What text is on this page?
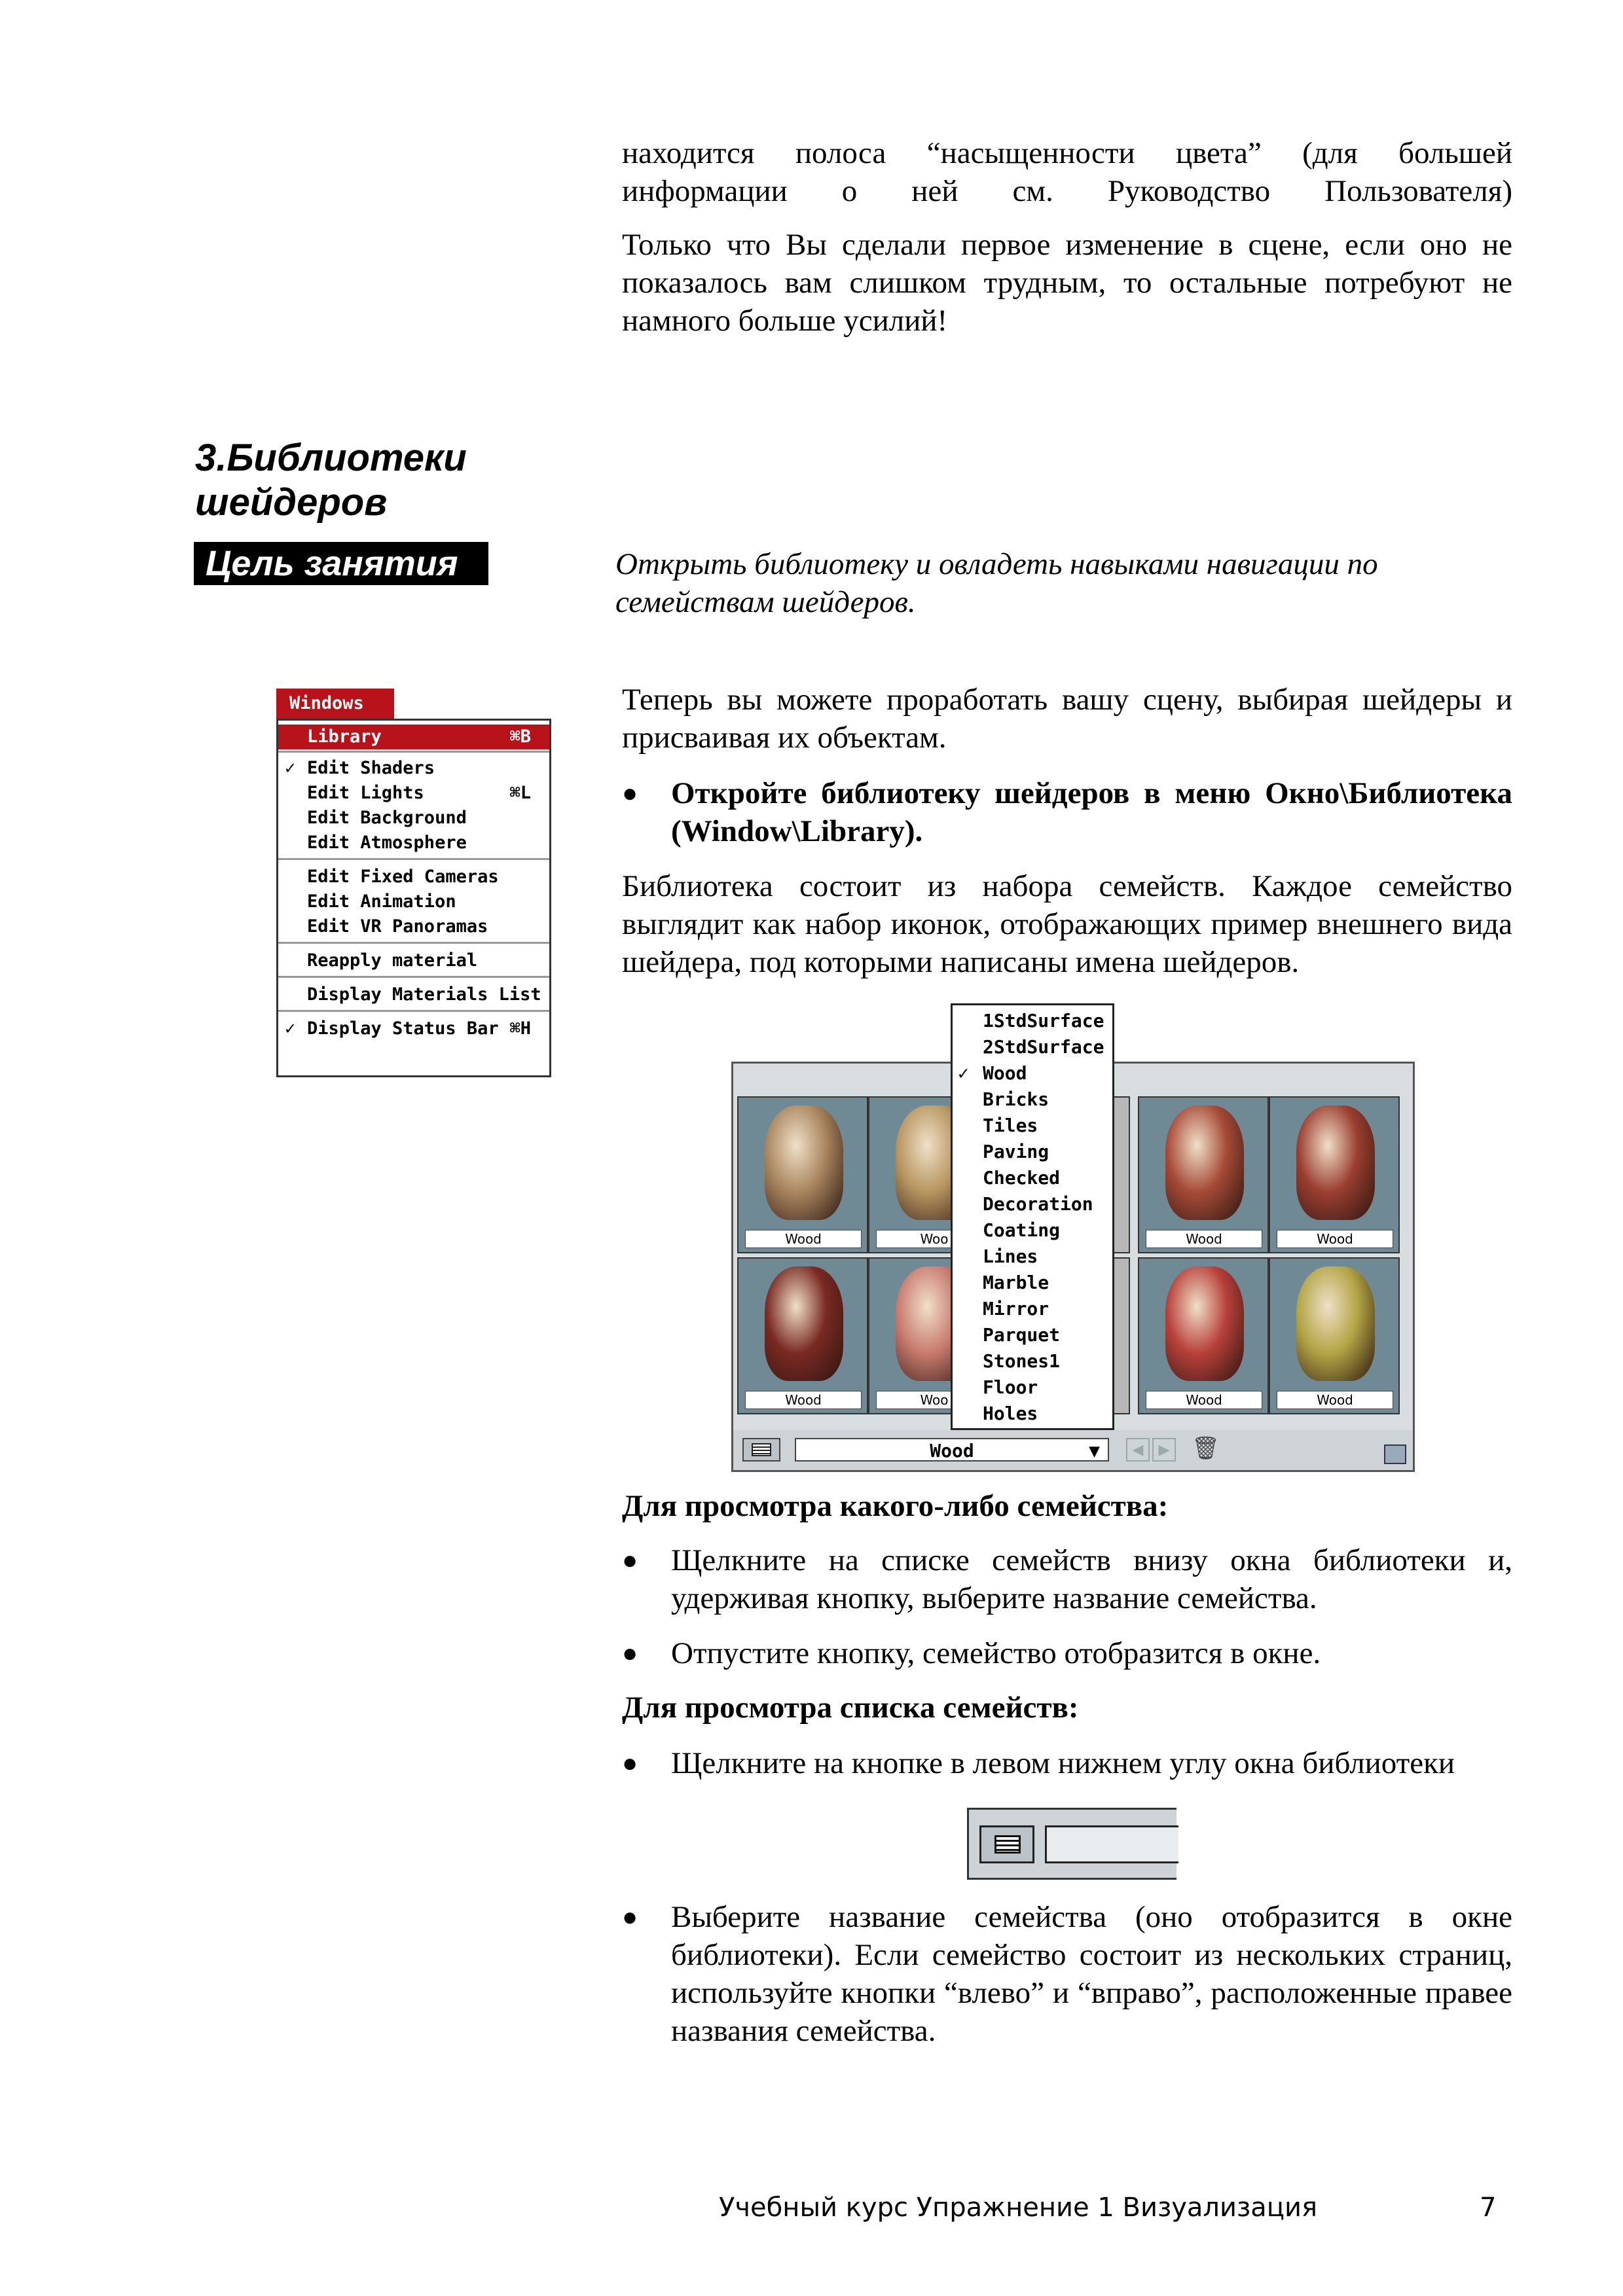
находится полоса “насыщенности цвета” (для большей информации о ней см. Руководство Пользователя)
Только что Вы сделали первое изменение в сцене, если оно не показалось вам слишком трудным, то остальные потребуют не намного больше усилий!
3.Библиотеки
шейдеров
Цель занятия	Открыть библиотеку и овладеть навыками навигации по семействам шейдеров.
Windows
Library	⌘B
✓ Edit Shaders
Edit Lights	⌘L
Edit Background
Edit Atmosphere
Edit Fixed Cameras
Edit Animation
Edit VR Panoramas
Reapply material
Display Materials List
✓ Display Status Bar ⌘H
Теперь вы можете проработать вашу сцену, выбирая шейдеры и присваивая их объектам.
● Откройте библиотеку шейдеров в меню Окно\Библиотека (Window\Library).
Библиотека состоит из набора семейств. Каждое семейство выглядит как набор иконок, отображающих пример внешнего вида шейдера, под которыми написаны имена шейдеров.
Wood	▼	◀	▶ 🗑
Wood	Woo	Wood	Wood
Wood	Woo	Wood	Wood
1StdSurface
2StdSurface
✓ Wood
Bricks
Tiles
Paving
Checked
Decoration
Coating
Lines
Marble
Mirror
Parquet
Stones1
Floor
Holes
Для просмотра какого-либо семейства:
● Щелкните на списке семейств внизу окна библиотеки и, удерживая кнопку, выберите название семейства.
● Отпустите кнопку, семейство отобразится в окне.
Для просмотра списка семейств:
● Щелкните на кнопке в левом нижнем углу окна библиотеки
● Выберите название семейства (оно отобразится в окне библиотеки). Если семейство состоит из нескольких страниц, используйте кнопки “влево” и “вправо”, расположенные правее названия семейства.
Учебный курс Упражнение 1 Визуализация	7
